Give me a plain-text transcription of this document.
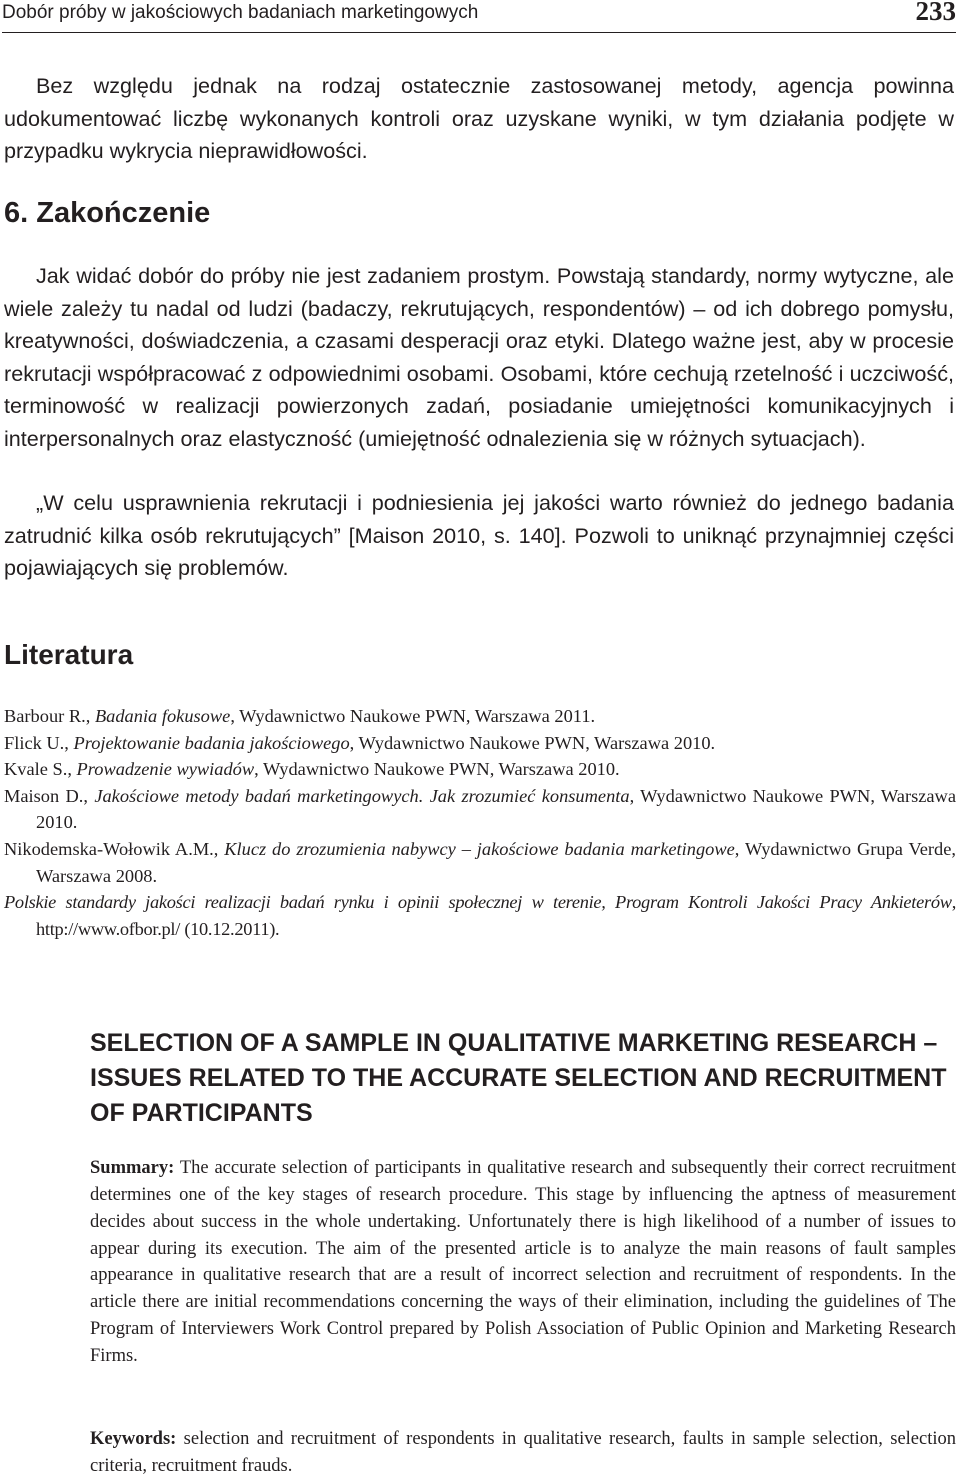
Dobór próby w jakościowych badaniach marketingowych	233

Bez względu jednak na rodzaj ostatecznie zastosowanej metody, agencja powinna udokumentować liczbę wykonanych kontroli oraz uzyskane wyniki, w tym działania podjęte w przypadku wykrycia nieprawidłowości.

6. Zakończenie

Jak widać dobór do próby nie jest zadaniem prostym. Powstają standardy, normy wytyczne, ale wiele zależy tu nadal od ludzi (badaczy, rekrutujących, respondentów) – od ich dobrego pomysłu, kreatywności, doświadczenia, a czasami desperacji oraz etyki. Dlatego ważne jest, aby w procesie rekrutacji współpracować z odpowiednimi osobami. Osobami, które cechują rzetelność i uczciwość, terminowość w realizacji powierzonych zadań, posiadanie umiejętności komunikacyjnych i interpersonalnych oraz elastyczność (umiejętność odnalezienia się w różnych sytuacjach).

„W celu usprawnienia rekrutacji i podniesienia jej jakości warto również do jednego badania zatrudnić kilka osób rekrutujących” [Maison 2010, s. 140]. Pozwoli to uniknąć przynajmniej części pojawiających się problemów.

Literatura
Barbour R., Badania fokusowe, Wydawnictwo Naukowe PWN, Warszawa 2011.
Flick U., Projektowanie badania jakościowego, Wydawnictwo Naukowe PWN, Warszawa 2010.
Kvale S., Prowadzenie wywiadów, Wydawnictwo Naukowe PWN, Warszawa 2010.
Maison D., Jakościowe metody badań marketingowych. Jak zrozumieć konsumenta, Wydawnictwo Naukowe PWN, Warszawa 2010.
Nikodemska-Wołowik A.M., Klucz do zrozumienia nabywcy – jakościowe badania marketingowe, Wydawnictwo Grupa Verde, Warszawa 2008.
Polskie standardy jakości realizacji badań rynku i opinii społecznej w terenie, Program Kontroli Jakości Pracy Ankieterów, http://www.ofbor.pl/ (10.12.2011).
SELECTION OF A SAMPLE IN QUALITATIVE MARKETING RESEARCH – ISSUES RELATED TO THE ACCURATE SELECTION AND RECRUITMENT OF PARTICIPANTS

Summary: The accurate selection of participants in qualitative research and subsequently their correct recruitment determines one of the key stages of research procedure. This stage by influencing the aptness of measurement decides about success in the whole undertaking. Unfortunately there is high likelihood of a number of issues to appear during its execution. The aim of the presented article is to analyze the main reasons of fault samples appearance in qualitative research that are a result of incorrect selection and recruitment of respondents. In the article there are initial recommendations concerning the ways of their elimination, including the guidelines of The Program of Interviewers Work Control prepared by Polish Association of Public Opinion and Marketing Research Firms.

Keywords: selection and recruitment of respondents in qualitative research, faults in sample selection, selection criteria, recruitment frauds.
